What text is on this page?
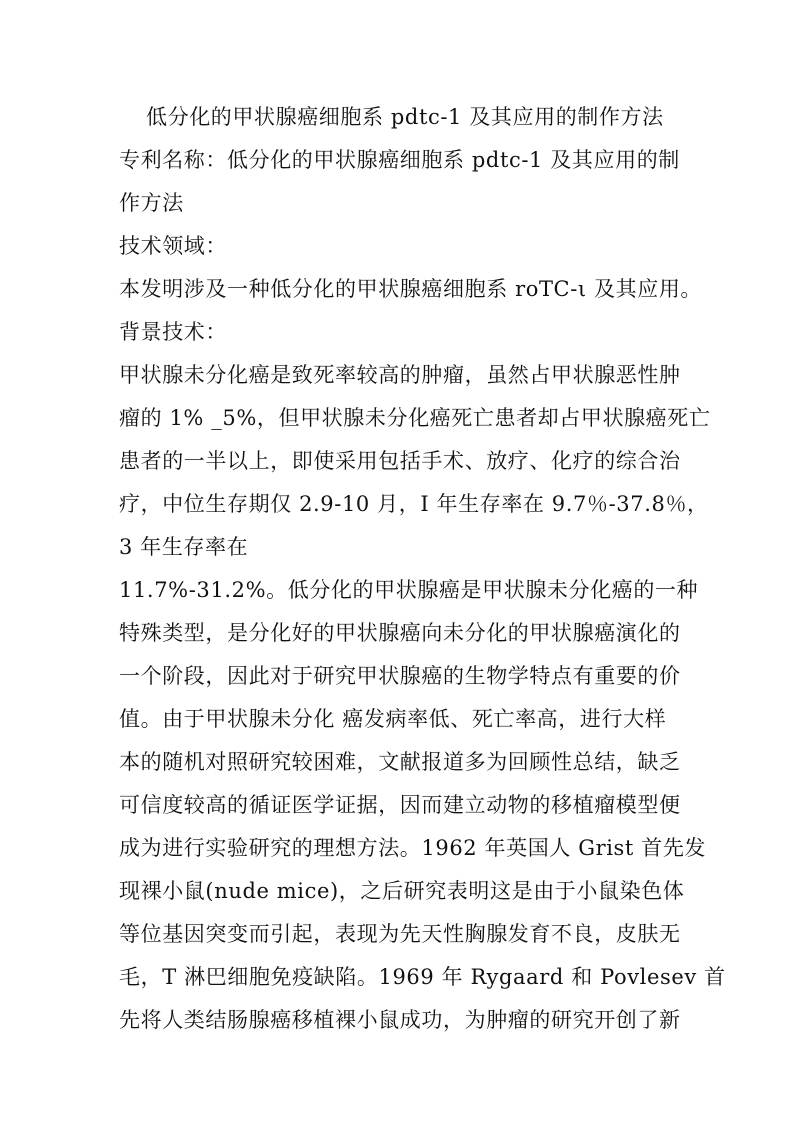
低分化的甲状腺癌细胞系 pdtc-1 及其应用的制作方法
专利名称：低分化的甲状腺癌细胞系 pdtc-1 及其应用的制
作方法
技术领域：
本发明涉及一种低分化的甲状腺癌细胞系 roTC-ι 及其应用。
背景技术：
甲状腺未分化癌是致死率较高的肿瘤，虽然占甲状腺恶性肿
瘤的 1% _5%，但甲状腺未分化癌死亡患者却占甲状腺癌死亡
患者的一半以上，即使采用包括手术、放疗、化疗的综合治
疗，中位生存期仅 2.9-10 月，I 年生存率在 9.7％-37.8％，
3 年生存率在
11.7%-31.2%。低分化的甲状腺癌是甲状腺未分化癌的一种
特殊类型，是分化好的甲状腺癌向未分化的甲状腺癌演化的
一个阶段，因此对于研究甲状腺癌的生物学特点有重要的价
值。由于甲状腺未分化 癌发病率低、死亡率高，进行大样
本的随机对照研究较困难，文献报道多为回顾性总结，缺乏
可信度较高的循证医学证据，因而建立动物的移植瘤模型便
成为进行实验研究的理想方法。1962 年英国人 Grist 首先发
现裸小鼠(nude mice)，之后研究表明这是由于小鼠染色体
等位基因突变而引起，表现为先天性胸腺发育不良，皮肤无
毛，T 淋巴细胞免疫缺陷。1969 年 Rygaard 和 Povlesev 首
先将人类结肠腺癌移植裸小鼠成功，为肿瘤的研究开创了新
